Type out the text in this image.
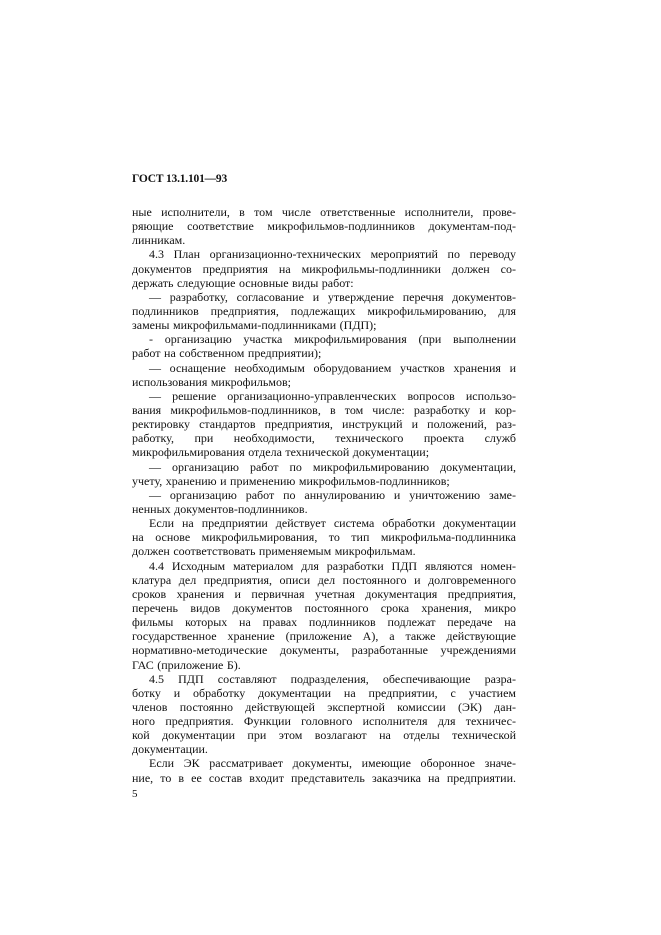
ГОСТ 13.1.101—93
ные исполнители, в том числе ответственные исполнители, прове-
ряющие соответствие микрофильмов-подлинников документам-под-
линникам.
4.3 План организационно-технических мероприятий по переводу
документов предприятия на микрофильмы-подлинники должен со-
держать следующие основные виды работ:
— разработку, согласование и утверждение перечня документов-
подлинников предприятия, подлежащих микрофильмированию, для
замены микрофильмами-подлинниками (ПДП);
- организацию участка микрофильмирования (при выполнении
работ на собственном предприятии);
— оснащение необходимым оборудованием участков хранения и
использования микрофильмов;
— решение организационно-управленческих вопросов использо-
вания микрофильмов-подлинников, в том числе: разработку и кор-
ректировку стандартов предприятия, инструкций и положений, раз-
работку, при необходимости, технического проекта служб
микрофильмирования отдела технической документации;
— организацию работ по микрофильмированию документации,
учету, хранению и применению микрофильмов-подлинников;
— организацию работ по аннулированию и уничтожению заме-
ненных документов-подлинников.
Если на предприятии действует система обработки документации
на основе микрофильмирования, то тип микрофильма-подлинника
должен соответствовать применяемым микрофильмам.
4.4 Исходным материалом для разработки ПДП являются номен-
клатура дел предприятия, описи дел постоянного и долговременного
сроков хранения и первичная учетная документация предприятия,
перечень видов документов постоянного срока хранения, микро
фильмы которых на правах подлинников подлежат передаче на
государственное хранение (приложение А), а также действующие
нормативно-методические документы, разработанные учреждениями
ГАС (приложение Б).
4.5 ПДП составляют подразделения, обеспечивающие разра-
ботку и обработку документации на предприятии, с участием
членов постоянно действующей экспертной комиссии (ЭК) дан-
ного предприятия. Функции головного исполнителя для техничес-
кой документации при этом возлагают на отделы технической
документации.
Если ЭК рассматривает документы, имеющие оборонное значе-
ние, то в ее состав входит представитель заказчика на предприятии.
5
